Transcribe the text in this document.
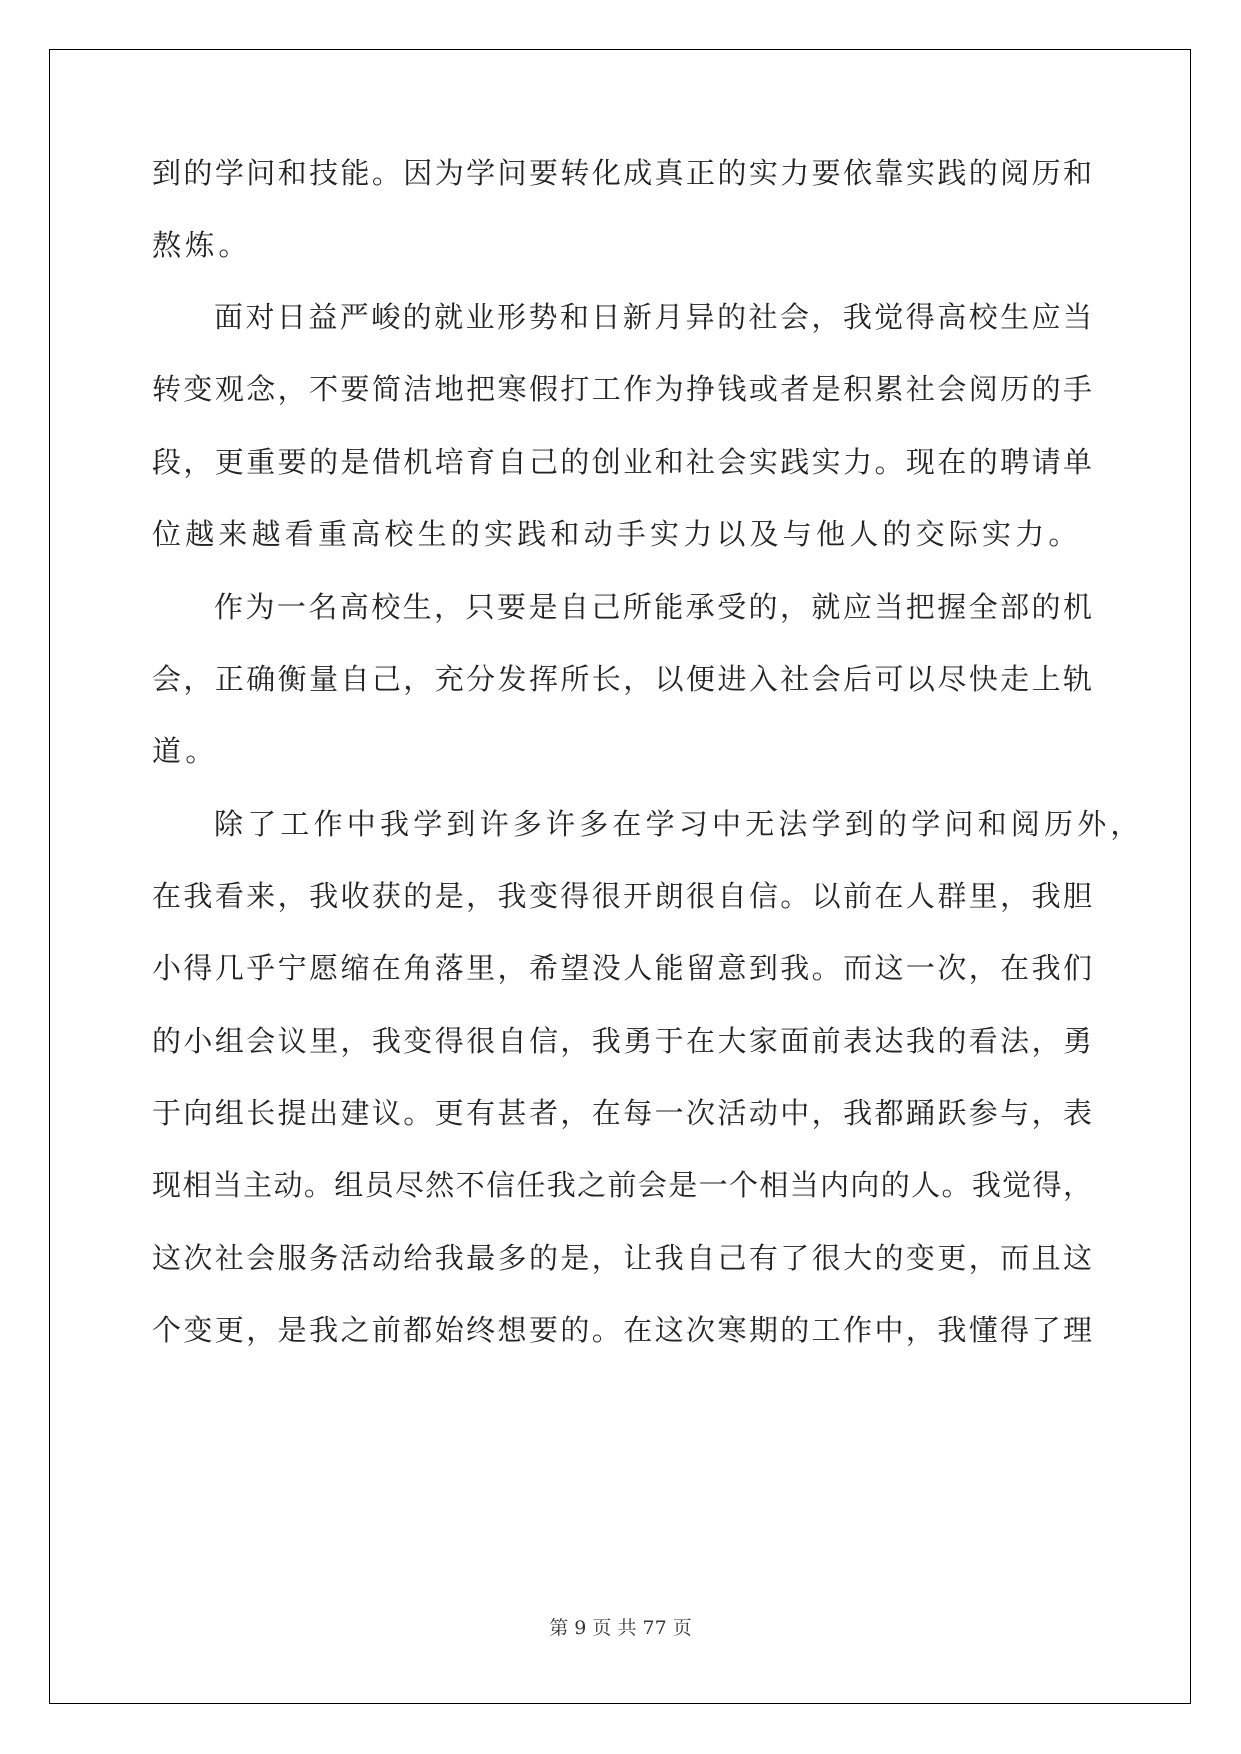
到的学问和技能。因为学问要转化成真正的实力要依靠实践的阅历和
熬炼。
面对日益严峻的就业形势和日新月异的社会，我觉得高校生应当
转变观念，不要简洁地把寒假打工作为挣钱或者是积累社会阅历的手
段，更重要的是借机培育自己的创业和社会实践实力。现在的聘请单
位越来越看重高校生的实践和动手实力以及与他人的交际实力。
作为一名高校生，只要是自己所能承受的，就应当把握全部的机
会，正确衡量自己，充分发挥所长，以便进入社会后可以尽快走上轨
道。
除了工作中我学到许多许多在学习中无法学到的学问和阅历外，
在我看来，我收获的是，我变得很开朗很自信。以前在人群里，我胆
小得几乎宁愿缩在角落里，希望没人能留意到我。而这一次，在我们
的小组会议里，我变得很自信，我勇于在大家面前表达我的看法，勇
于向组长提出建议。更有甚者，在每一次活动中，我都踊跃参与，表
现相当主动。组员尽然不信任我之前会是一个相当内向的人。我觉得，
这次社会服务活动给我最多的是，让我自己有了很大的变更，而且这
个变更，是我之前都始终想要的。在这次寒期的工作中，我懂得了理
第 9 页 共 77 页
